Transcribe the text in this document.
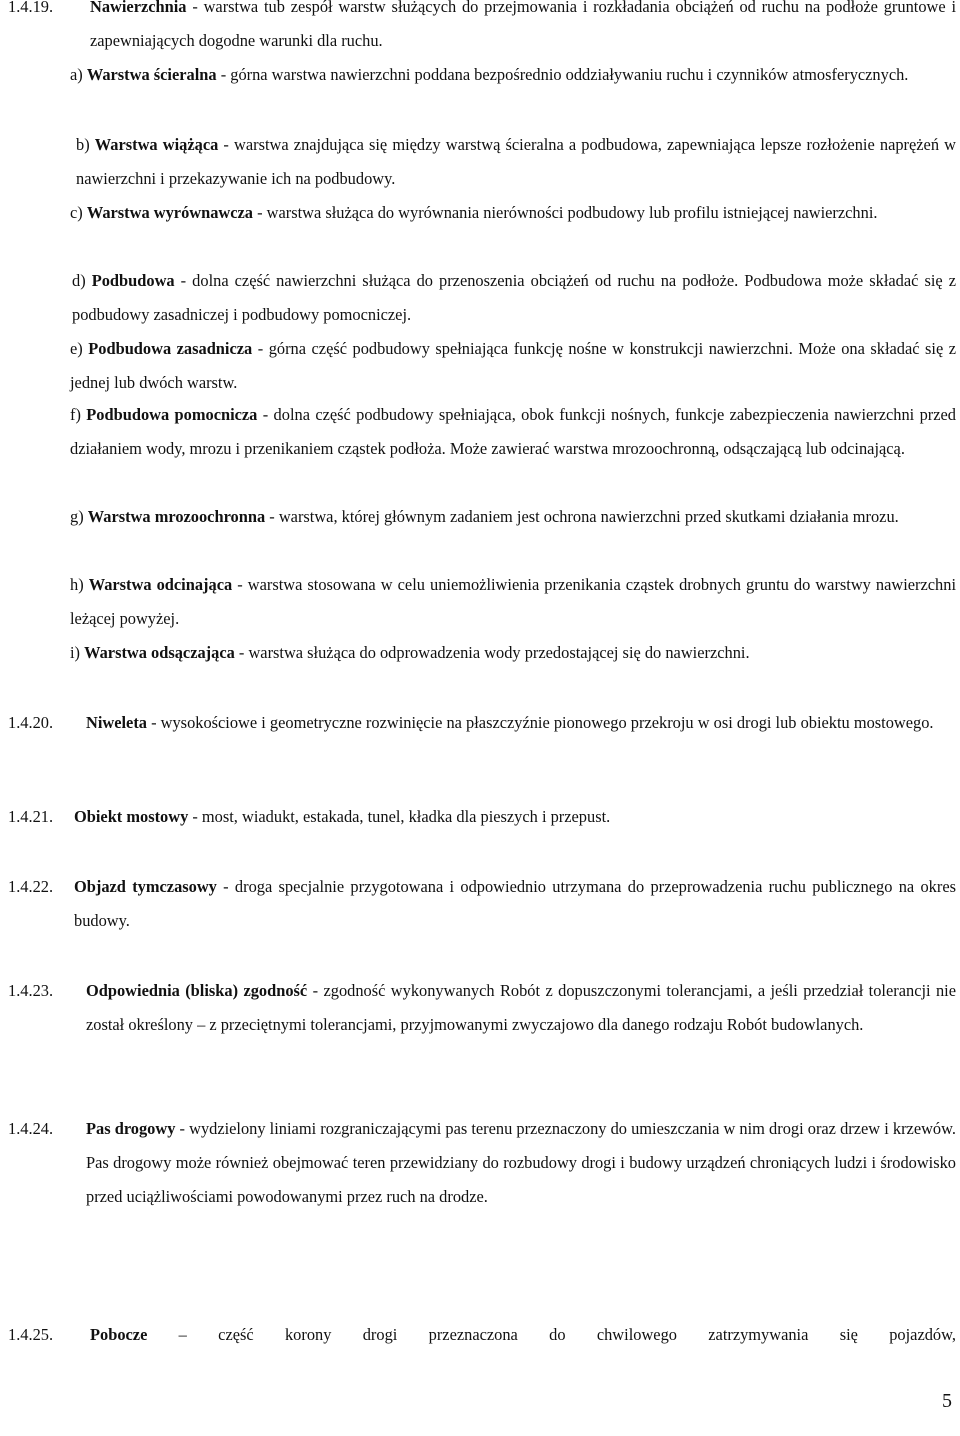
1.4.19. Nawierzchnia - warstwa tub zespół warstw służących do przejmowania i rozkładania obciążeń od ruchu na podłoże gruntowe i zapewniających dogodne warunki dla ruchu.
a) Warstwa ścieralna - górna warstwa nawierzchni poddana bezpośrednio oddziaływaniu ruchu i czynników atmosferycznych.
b) Warstwa wiążąca - warstwa znajdująca się między warstwą ścieralna a podbudowa, zapewniająca lepsze rozłożenie naprężeń w nawierzchni i przekazywanie ich na podbudowy.
c) Warstwa wyrównawcza - warstwa służąca do wyrównania nierówności podbudowy lub profilu istniejącej nawierzchni.
d) Podbudowa - dolna część nawierzchni służąca do przenoszenia obciążeń od ruchu na podłoże. Podbudowa może składać się z podbudowy zasadniczej i podbudowy pomocniczej.
e) Podbudowa zasadnicza - górna część podbudowy spełniająca funkcję nośne w konstrukcji nawierzchni. Może ona składać się z jednej lub dwóch warstw.
f) Podbudowa pomocnicza - dolna część podbudowy spełniająca, obok funkcji nośnych, funkcje zabezpieczenia nawierzchni przed działaniem wody, mrozu i przenikaniem cząstek podłoża. Może zawierać warstwa mrozoochronną, odsączającą lub odcinającą.
g) Warstwa mrozoochronna - warstwa, której głównym zadaniem jest ochrona nawierzchni przed skutkami działania mrozu.
h) Warstwa odcinająca - warstwa stosowana w celu uniemożliwienia przenikania cząstek drobnych gruntu do warstwy nawierzchni leżącej powyżej.
i) Warstwa odsączająca - warstwa służąca do odprowadzenia wody przedostającej się do nawierzchni.
1.4.20. Niweleta - wysokościowe i geometryczne rozwinięcie na płaszczyźnie pionowego przekroju w osi drogi lub obiektu mostowego.
1.4.21. Obiekt mostowy - most, wiadukt, estakada, tunel, kładka dla pieszych i przepust.
1.4.22. Objazd tymczasowy - droga specjalnie przygotowana i odpowiednio utrzymana do przeprowadzenia ruchu publicznego na okres budowy.
1.4.23. Odpowiednia (bliska) zgodność - zgodność wykonywanych Robót z dopuszczonymi tolerancjami, a jeśli przedział tolerancji nie został określony – z przeciętnymi tolerancjami, przyjmowanymi zwyczajowo dla danego rodzaju Robót budowlanych.
1.4.24. Pas drogowy - wydzielony liniami rozgraniczającymi pas terenu przeznaczony do umieszczania w nim drogi oraz drzew i krzewów. Pas drogowy może również obejmować teren przewidziany do rozbudowy drogi i budowy urządzeń chroniących ludzi i środowisko przed uciążliwościami powodowanymi przez ruch na drodze.
1.4.25. Pobocze – część korony drogi przeznaczona do chwilowego zatrzymywania się pojazdów,
5
